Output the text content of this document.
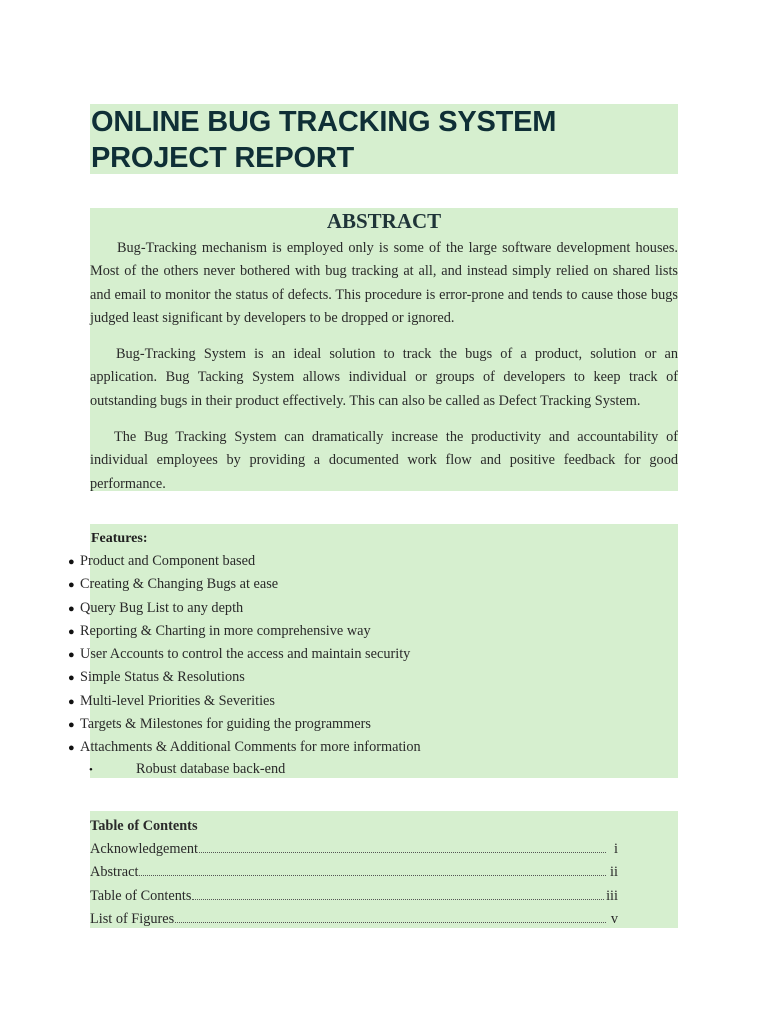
ONLINE BUG TRACKING SYSTEM PROJECT REPORT
ABSTRACT

Bug-Tracking mechanism is employed only is some of the large software development houses. Most of the others never bothered with bug tracking at all, and instead simply relied on shared lists and email to monitor the status of defects. This procedure is error-prone and tends to cause those bugs judged least significant by developers to be dropped or ignored.

Bug-Tracking System is an ideal solution to track the bugs of a product, solution or an application. Bug Tacking System allows individual or groups of developers to keep track of outstanding bugs in their product effectively. This can also be called as Defect Tracking System.

The Bug Tracking System can dramatically increase the productivity and accountability of individual employees by providing a documented work flow and positive feedback for good performance.

Features:
● Product and Component based
● Creating & Changing Bugs at ease
● Query Bug List to any depth
● Reporting & Charting in more comprehensive way
● User Accounts to control the access and maintain security
● Simple Status & Resolutions
● Multi-level Priorities & Severities
● Targets & Milestones for guiding the programmers
● Attachments & Additional Comments for more information
•	Robust database back-end
Table of Contents
Acknowledgement	i
Abstract	ii
Table of Contents	iii
List of Figures	v
